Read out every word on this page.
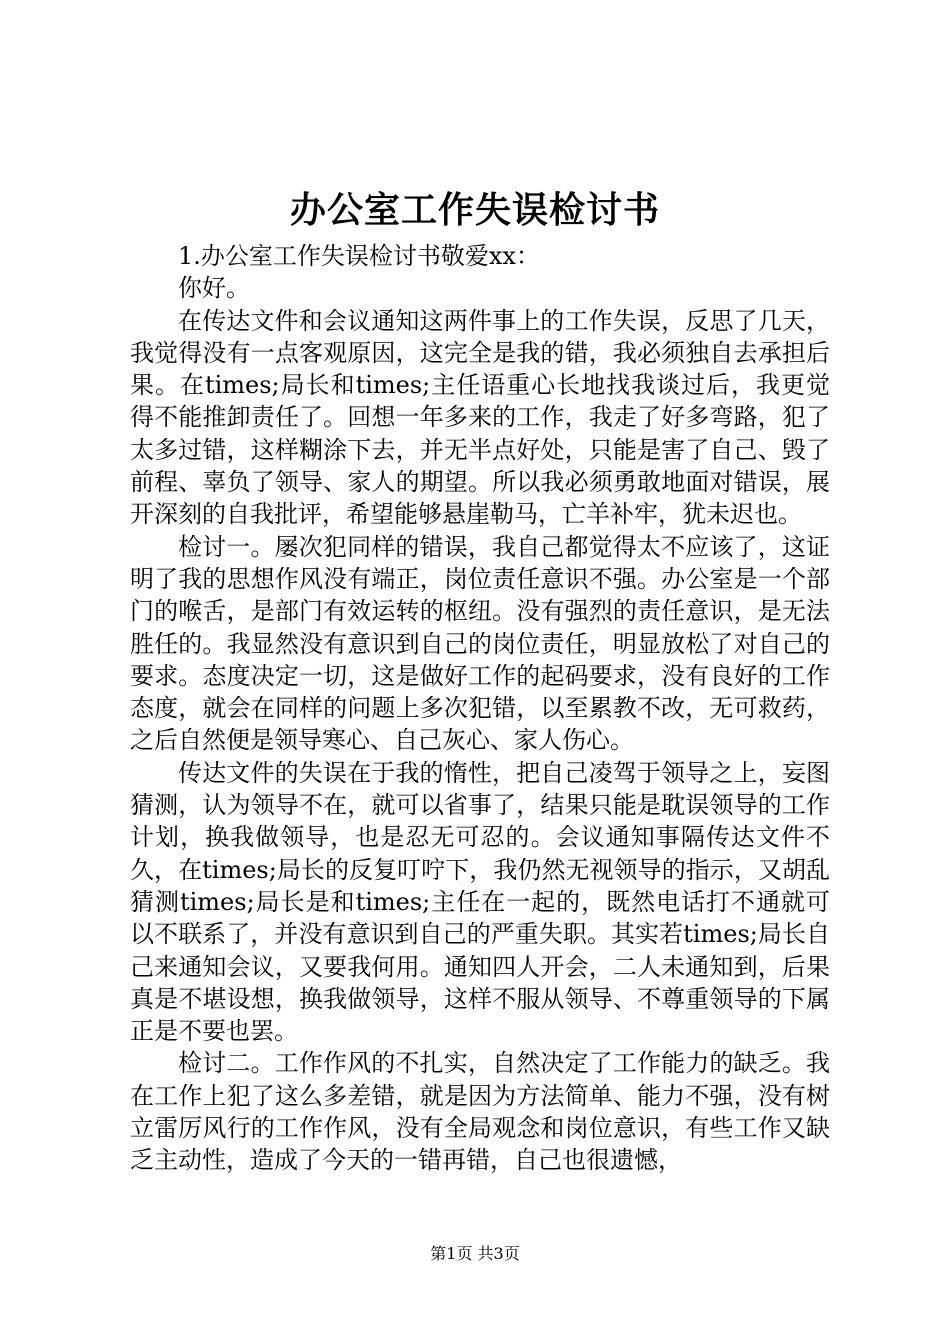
办公室工作失误检讨书

1.办公室工作失误检讨书敬爱xx：

你好。

在传达文件和会议通知这两件事上的工作失误，反思了几天，我觉得没有一点客观原因，这完全是我的错，我必须独自去承担后果。在times;局长和times;主任语重心长地找我谈过后，我更觉得不能推卸责任了。回想一年多来的工作，我走了好多弯路，犯了太多过错，这样糊涂下去，并无半点好处，只能是害了自己、毁了前程、辜负了领导、家人的期望。所以我必须勇敢地面对错误，展开深刻的自我批评，希望能够悬崖勒马，亡羊补牢，犹未迟也。

检讨一。屡次犯同样的错误，我自己都觉得太不应该了，这证明了我的思想作风没有端正，岗位责任意识不强。办公室是一个部门的喉舌，是部门有效运转的枢纽。没有强烈的责任意识，是无法胜任的。我显然没有意识到自己的岗位责任，明显放松了对自己的要求。态度决定一切，这是做好工作的起码要求，没有良好的工作态度，就会在同样的问题上多次犯错，以至累教不改，无可救药，之后自然便是领导寒心、自己灰心、家人伤心。

传达文件的失误在于我的惰性，把自己凌驾于领导之上，妄图猜测，认为领导不在，就可以省事了，结果只能是耽误领导的工作计划，换我做领导，也是忍无可忍的。会议通知事隔传达文件不久，在times;局长的反复叮咛下，我仍然无视领导的指示，又胡乱猜测times;局长是和times;主任在一起的，既然电话打不通就可以不联系了，并没有意识到自己的严重失职。其实若times;局长自己来通知会议，又要我何用。通知四人开会，二人未通知到，后果真是不堪设想，换我做领导，这样不服从领导、不尊重领导的下属正是不要也罢。

检讨二。工作作风的不扎实，自然决定了工作能力的缺乏。我在工作上犯了这么多差错，就是因为方法简单、能力不强，没有树立雷厉风行的工作作风，没有全局观念和岗位意识，有些工作又缺乏主动性，造成了今天的一错再错，自己也很遗憾，

第1页 共3页
